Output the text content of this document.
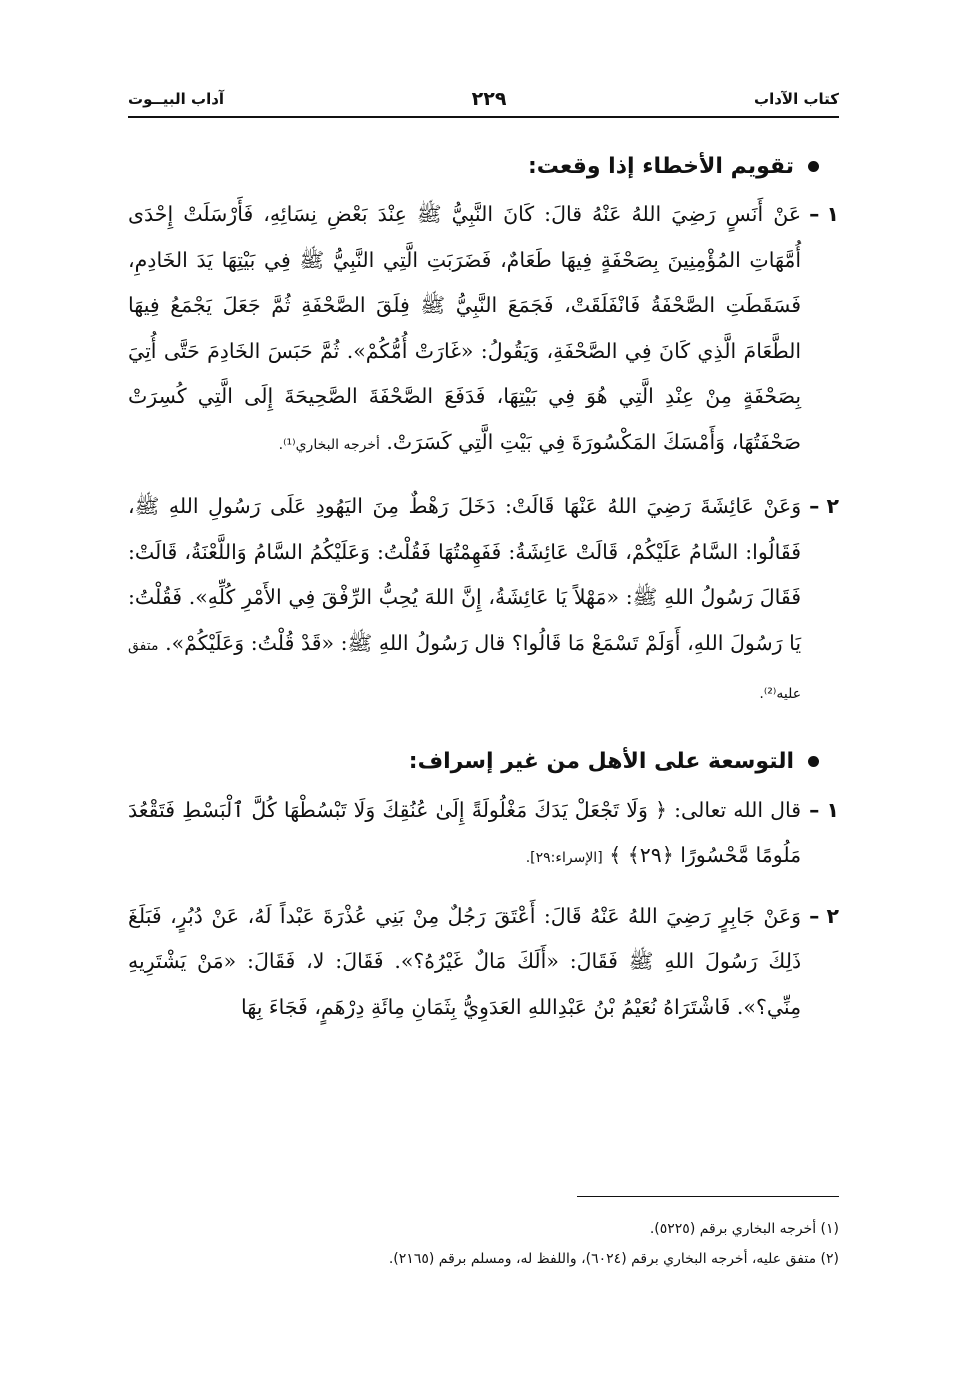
كتاب الآداب
٢٢٩
آداب البيــوت
تقويم الأخطاء إذا وقعت:
١ –
عَنْ أَنَسٍ رَضِيَ اللهُ عَنْهُ قالَ: كَانَ النَّبِيُّ ﷺ عِنْدَ بَعْضِ نِسَائِهِ، فَأَرْسَلَتْ إِحْدَى أُمَّهَاتِ المُؤْمِنِينَ بِصَحْفَةٍ فِيهَا طَعَامٌ، فَضَرَبَتِ الَّتِي النَّبِيُّ ﷺ فِي بَيْتِهَا يَدَ الخَادِمِ، فَسَقَطَتِ الصَّحْفَةُ فَانْفَلَقَتْ، فَجَمَعَ النَّبِيُّ ﷺ فِلَقَ الصَّحْفَةِ ثُمَّ جَعَلَ يَجْمَعُ فِيهَا الطَّعَامَ الَّذِي كَانَ فِي الصَّحْفَةِ، وَيَقُولُ: «غَارَتْ أُمُّكُمْ». ثُمَّ حَبَسَ الخَادِمَ حَتَّى أُتِيَ بِصَحْفَةٍ مِنْ عِنْدِ الَّتِي هُوَ فِي بَيْتِهَا، فَدَفَعَ الصَّحْفَةَ الصَّحِيحَةَ إِلَى الَّتِي كُسِرَتْ صَحْفَتُهَا، وَأَمْسَكَ المَكْسُورَةَ فِي بَيْتِ الَّتِي كَسَرَتْ. أخرجه البخاري⁽¹⁾.
٢ –
وَعَنْ عَائِشَةَ رَضِيَ اللهُ عَنْهَا قَالَتْ: دَخَلَ رَهْطٌ مِنَ اليَهُودِ عَلَى رَسُولِ اللهِ ﷺ، فَقَالُوا: السَّامُ عَلَيْكُمْ، قَالَتْ عَائِشَةُ: فَفَهِمْتُهَا فَقُلْتُ: وَعَلَيْكُمُ السَّامُ وَاللَّعْنَةُ، قَالَتْ: فَقَالَ رَسُولُ اللهِ ﷺ: «مَهْلاً يَا عَائِشَةُ، إِنَّ اللهَ يُحِبُّ الرِّفْقَ فِي الأَمْرِ كُلِّهِ». فَقُلْتُ: يَا رَسُولَ اللهِ، أَوَلَمْ تَسْمَعْ مَا قَالُوا؟ قال رَسُولُ اللهِ ﷺ: «قَدْ قُلْتُ: وَعَلَيْكُمْ». متفق عليه⁽²⁾.
التوسعة على الأهل من غير إسراف:
١ –
قال الله تعالى: ﴿ وَلَا تَجْعَلْ يَدَكَ مَغْلُولَةً إِلَىٰ عُنُقِكَ وَلَا تَبْسُطْهَا كُلَّ ٱلْبَسْطِ فَتَقْعُدَ مَلُومًا مَّحْسُورًا ﴿٢٩﴾ ﴾ [الإسراء:٢٩].
٢ –
وَعَنْ جَابِرٍ رَضِيَ اللهُ عَنْهُ قَالَ: أَعْتَقَ رَجُلٌ مِنْ بَنِي عُذْرَةَ عَبْداً لَهُ، عَنْ دُبُرٍ، فَبَلَغَ ذَلِكَ رَسُولَ اللهِ ﷺ فَقَالَ: «أَلَكَ مَالٌ غَيْرُهُ؟». فَقَالَ: لا، فَقَالَ: «مَنْ يَشْتَرِيهِ مِنِّي؟». فَاشْتَرَاهُ نُعَيْمُ بْنُ عَبْدِاللهِ العَدَوِيُّ بِثَمَانِ مِائَةِ دِرْهَمٍ، فَجَاءَ بِهَا
(١) أخرجه البخاري برقم (٥٢٢٥).
(٢) متفق عليه، أخرجه البخاري برقم (٦٠٢٤)، واللفظ له، ومسلم برقم (٢١٦٥).
